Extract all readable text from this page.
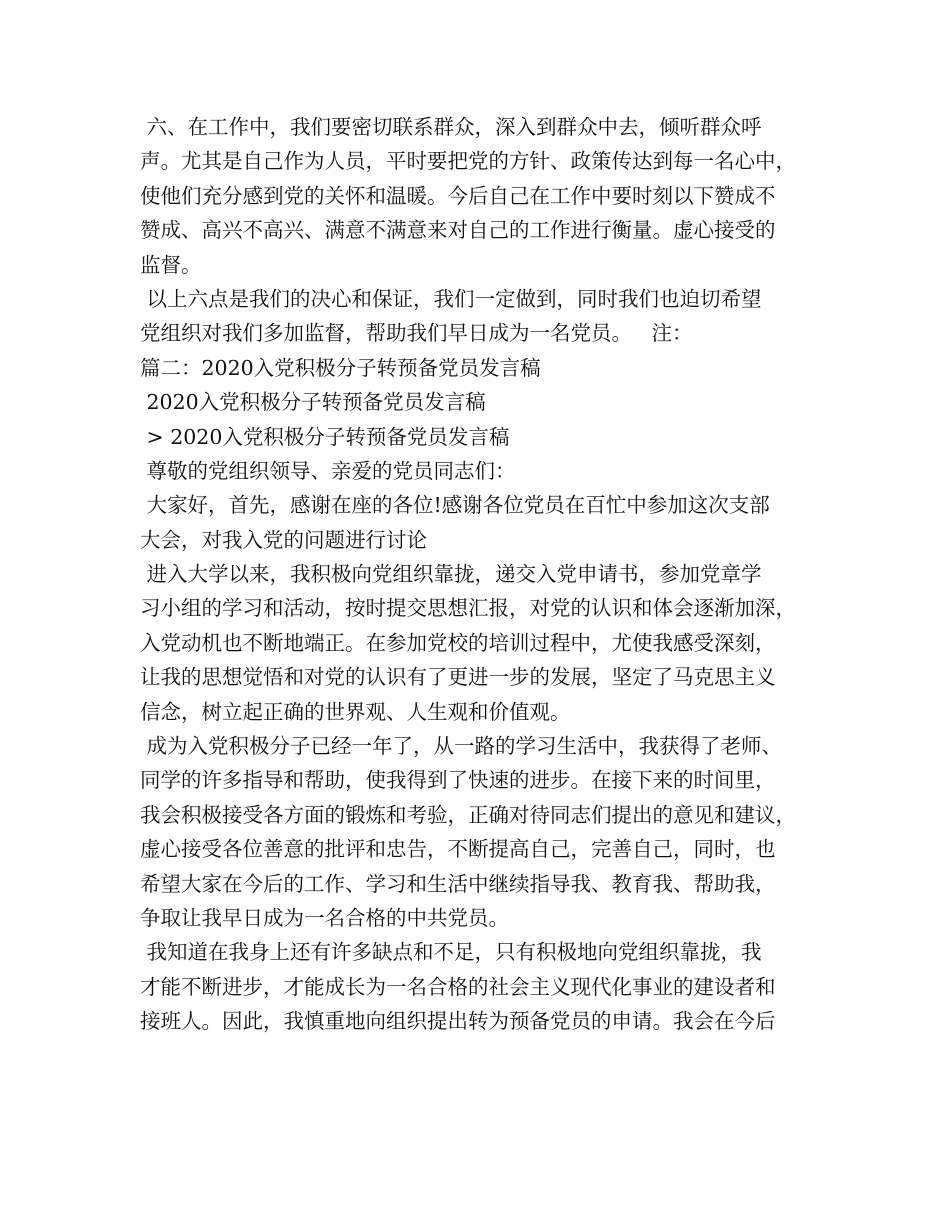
六、在工作中，我们要密切联系群众，深入到群众中去，倾听群众呼
声。尤其是自己作为人员，平时要把党的方针、政策传达到每一名心中，
使他们充分感到党的关怀和温暖。今后自己在工作中要时刻以下赞成不
赞成、高兴不高兴、满意不满意来对自己的工作进行衡量。虚心接受的
监督。
以上六点是我们的决心和保证，我们一定做到，同时我们也迫切希望
党组织对我们多加监督，帮助我们早日成为一名党员。   注：
篇二：2020入党积极分子转预备党员发言稿
2020入党积极分子转预备党员发言稿
> 2020入党积极分子转预备党员发言稿
尊敬的党组织领导、亲爱的党员同志们：
大家好，首先，感谢在座的各位!感谢各位党员在百忙中参加这次支部
大会，对我入党的问题进行讨论
进入大学以来，我积极向党组织靠拢，递交入党申请书，参加党章学
习小组的学习和活动，按时提交思想汇报，对党的认识和体会逐渐加深，
入党动机也不断地端正。在参加党校的培训过程中，尤使我感受深刻，
让我的思想觉悟和对党的认识有了更进一步的发展，坚定了马克思主义
信念，树立起正确的世界观、人生观和价值观。
成为入党积极分子已经一年了，从一路的学习生活中，我获得了老师、
同学的许多指导和帮助，使我得到了快速的进步。在接下来的时间里，
我会积极接受各方面的锻炼和考验，正确对待同志们提出的意见和建议，
虚心接受各位善意的批评和忠告，不断提高自己，完善自己，同时，也
希望大家在今后的工作、学习和生活中继续指导我、教育我、帮助我，
争取让我早日成为一名合格的中共党员。
我知道在我身上还有许多缺点和不足，只有积极地向党组织靠拢，我
才能不断进步，才能成长为一名合格的社会主义现代化事业的建设者和
接班人。因此，我慎重地向组织提出转为预备党员的申请。我会在今后
